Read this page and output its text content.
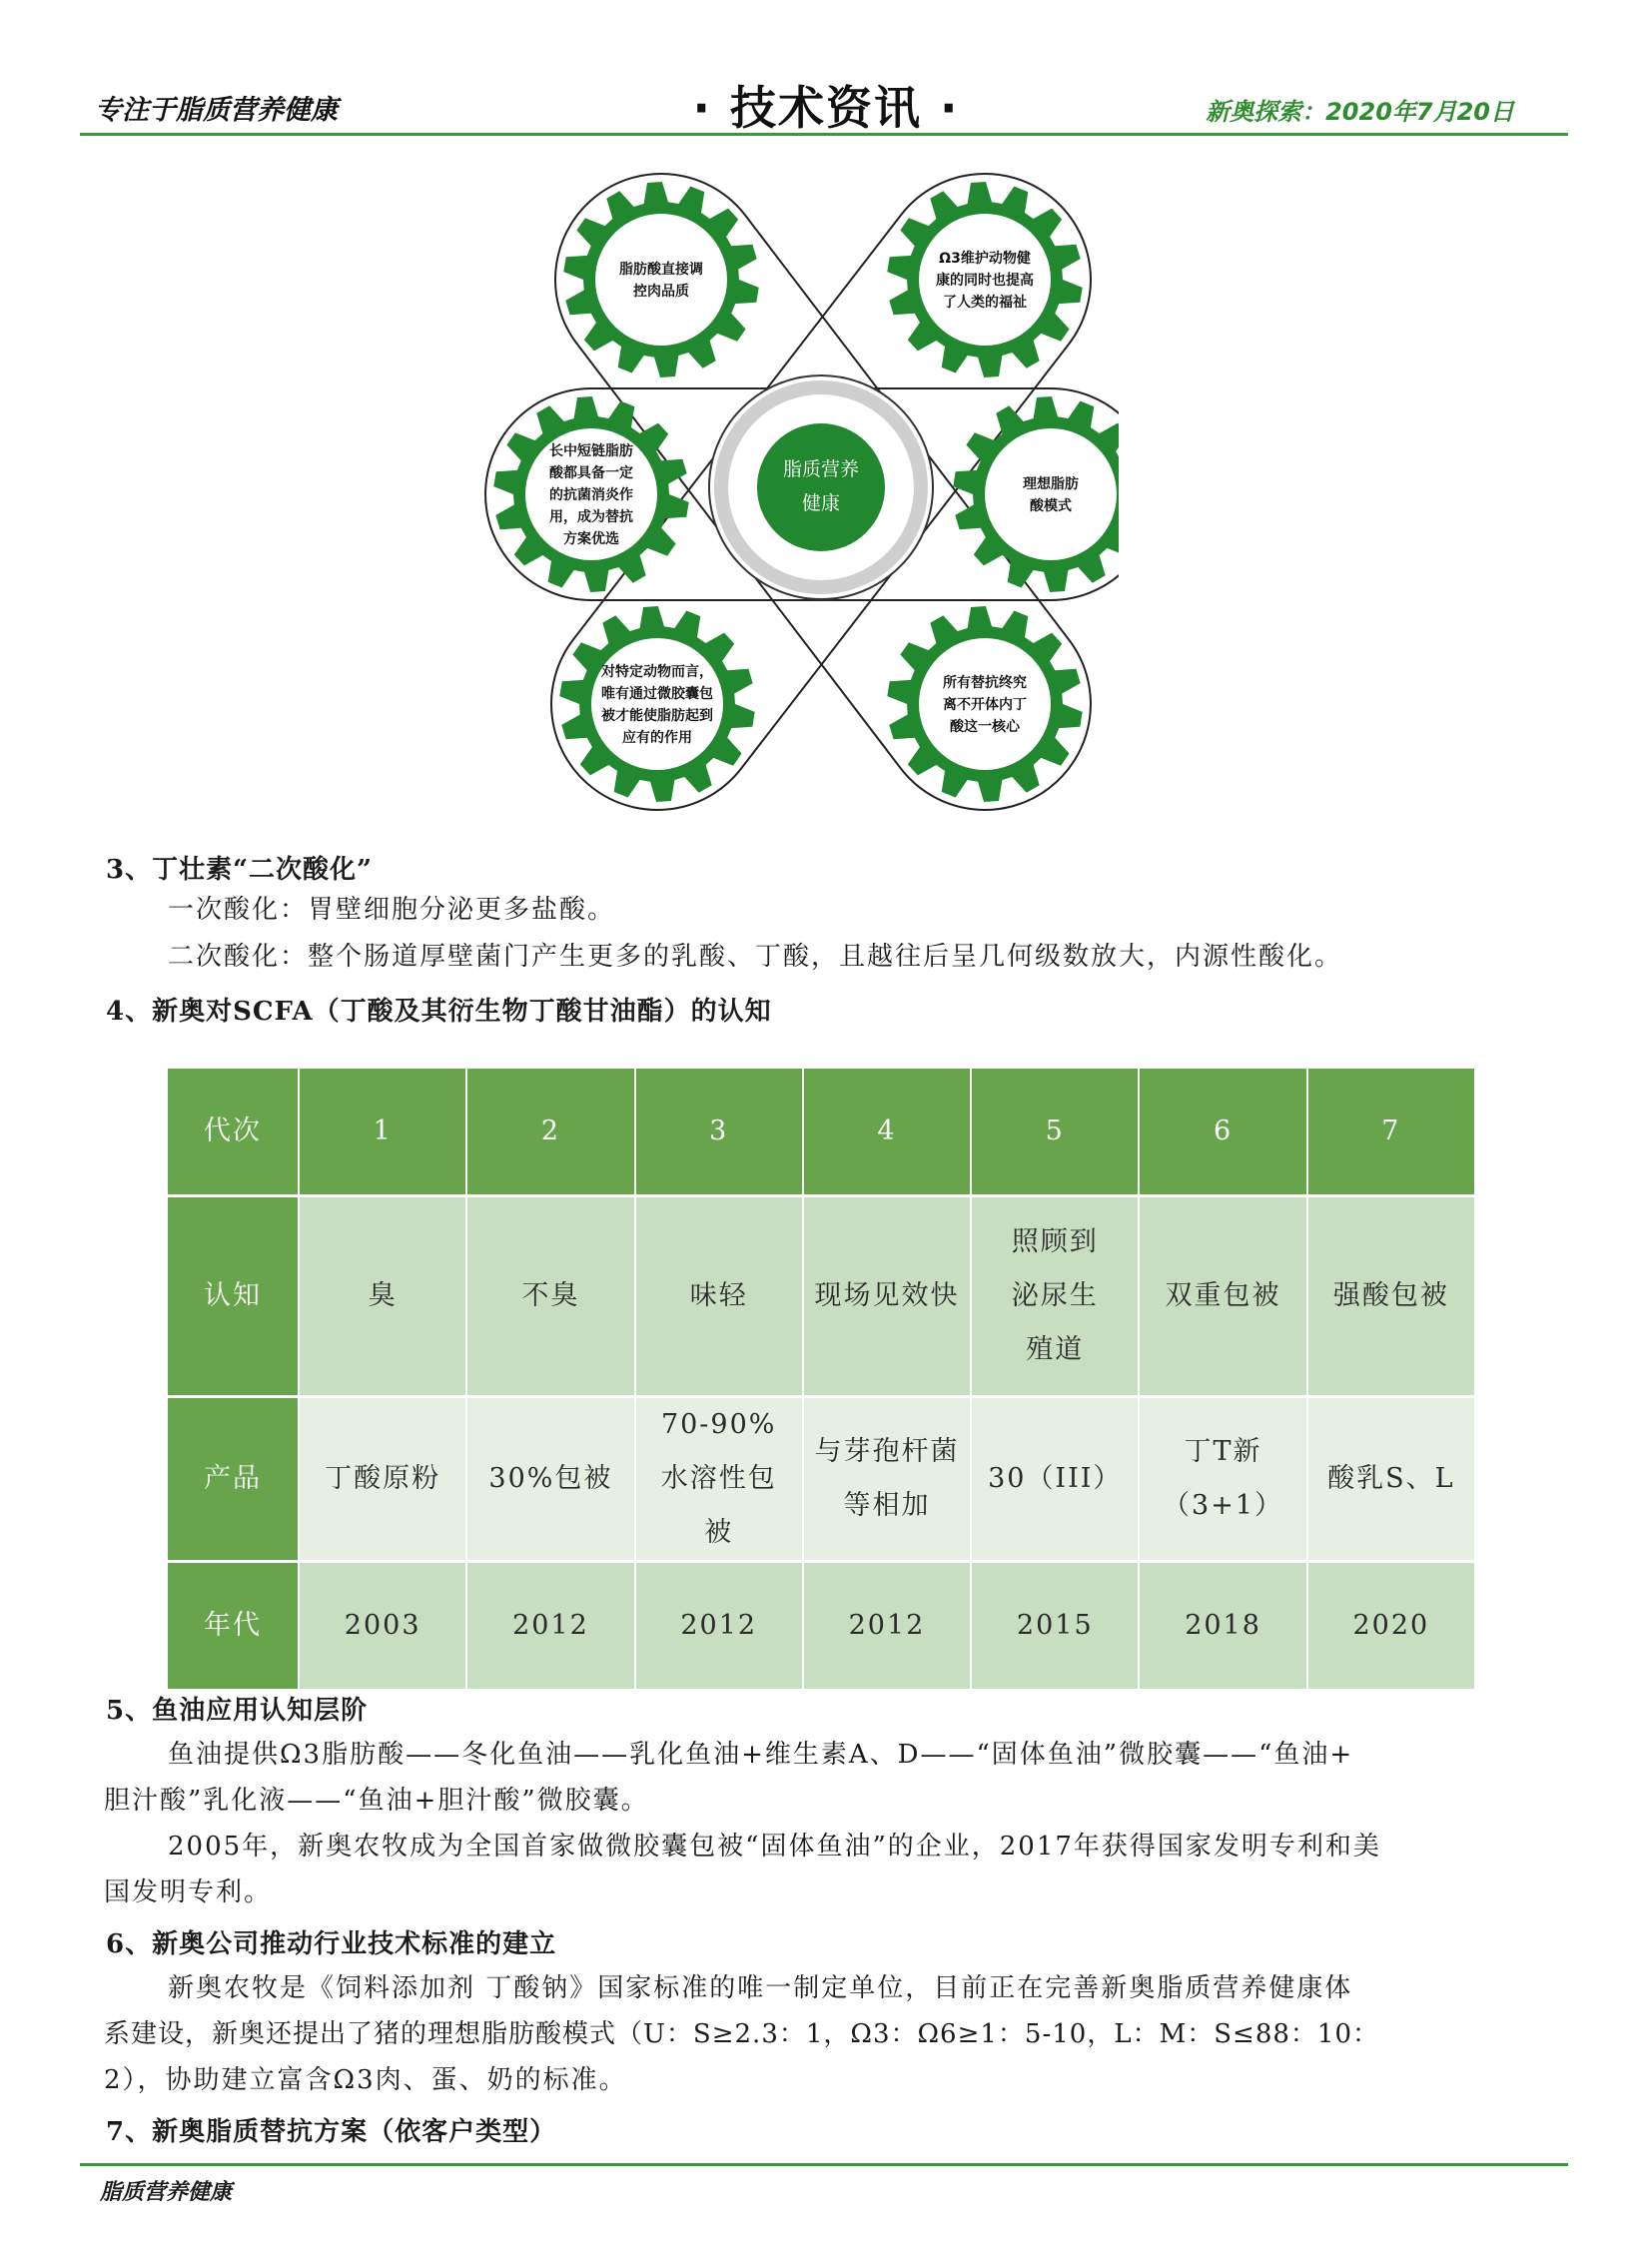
专注于脂质营养健康	· 技术资讯 ·	新奥探索：2020年7月20日
脂质营养
健康
脂肪酸直接调
控肉品质
Ω3维护动物健
康的同时也提高
了人类的福祉
长中短链脂肪
酸都具备一定
的抗菌消炎作
用，成为替抗
方案优选
理想脂肪
酸模式
对特定动物而言，
唯有通过微胶囊包
被才能使脂肪起到
应有的作用
所有替抗终究
离不开体内丁
酸这一核心
3、丁壮素“二次酸化”
一次酸化：胃壁细胞分泌更多盐酸。
二次酸化：整个肠道厚壁菌门产生更多的乳酸、丁酸，且越往后呈几何级数放大，内源性酸化。
4、新奥对SCFA（丁酸及其衍生物丁酸甘油酯）的认知
代次	1	2	3	4	5	6	7
认知	臭	不臭	味轻	现场见效快	照顾到泌尿生殖道	双重包被	强酸包被
产品	丁酸原粉	30%包被	70-90%水溶性包被	与芽孢杆菌等相加	30（III）	丁T新（3+1）	酸乳S、L
年代	2003	2012	2012	2012	2015	2018	2020
5、鱼油应用认知层阶
鱼油提供Ω3脂肪酸——冬化鱼油——乳化鱼油+维生素A、D——“固体鱼油”微胶囊——“鱼油+
胆汁酸”乳化液——“鱼油+胆汁酸”微胶囊。
2005年，新奥农牧成为全国首家做微胶囊包被“固体鱼油”的企业，2017年获得国家发明专利和美
国发明专利。
6、新奥公司推动行业技术标准的建立
新奥农牧是《饲料添加剂 丁酸钠》国家标准的唯一制定单位，目前正在完善新奥脂质营养健康体
系建设，新奥还提出了猪的理想脂肪酸模式（U：S≥2.3：1，Ω3：Ω6≥1：5-10，L：M：S≤88：10：
2），协助建立富含Ω3肉、蛋、奶的标准。
7、新奥脂质替抗方案（依客户类型）
脂质营养健康
